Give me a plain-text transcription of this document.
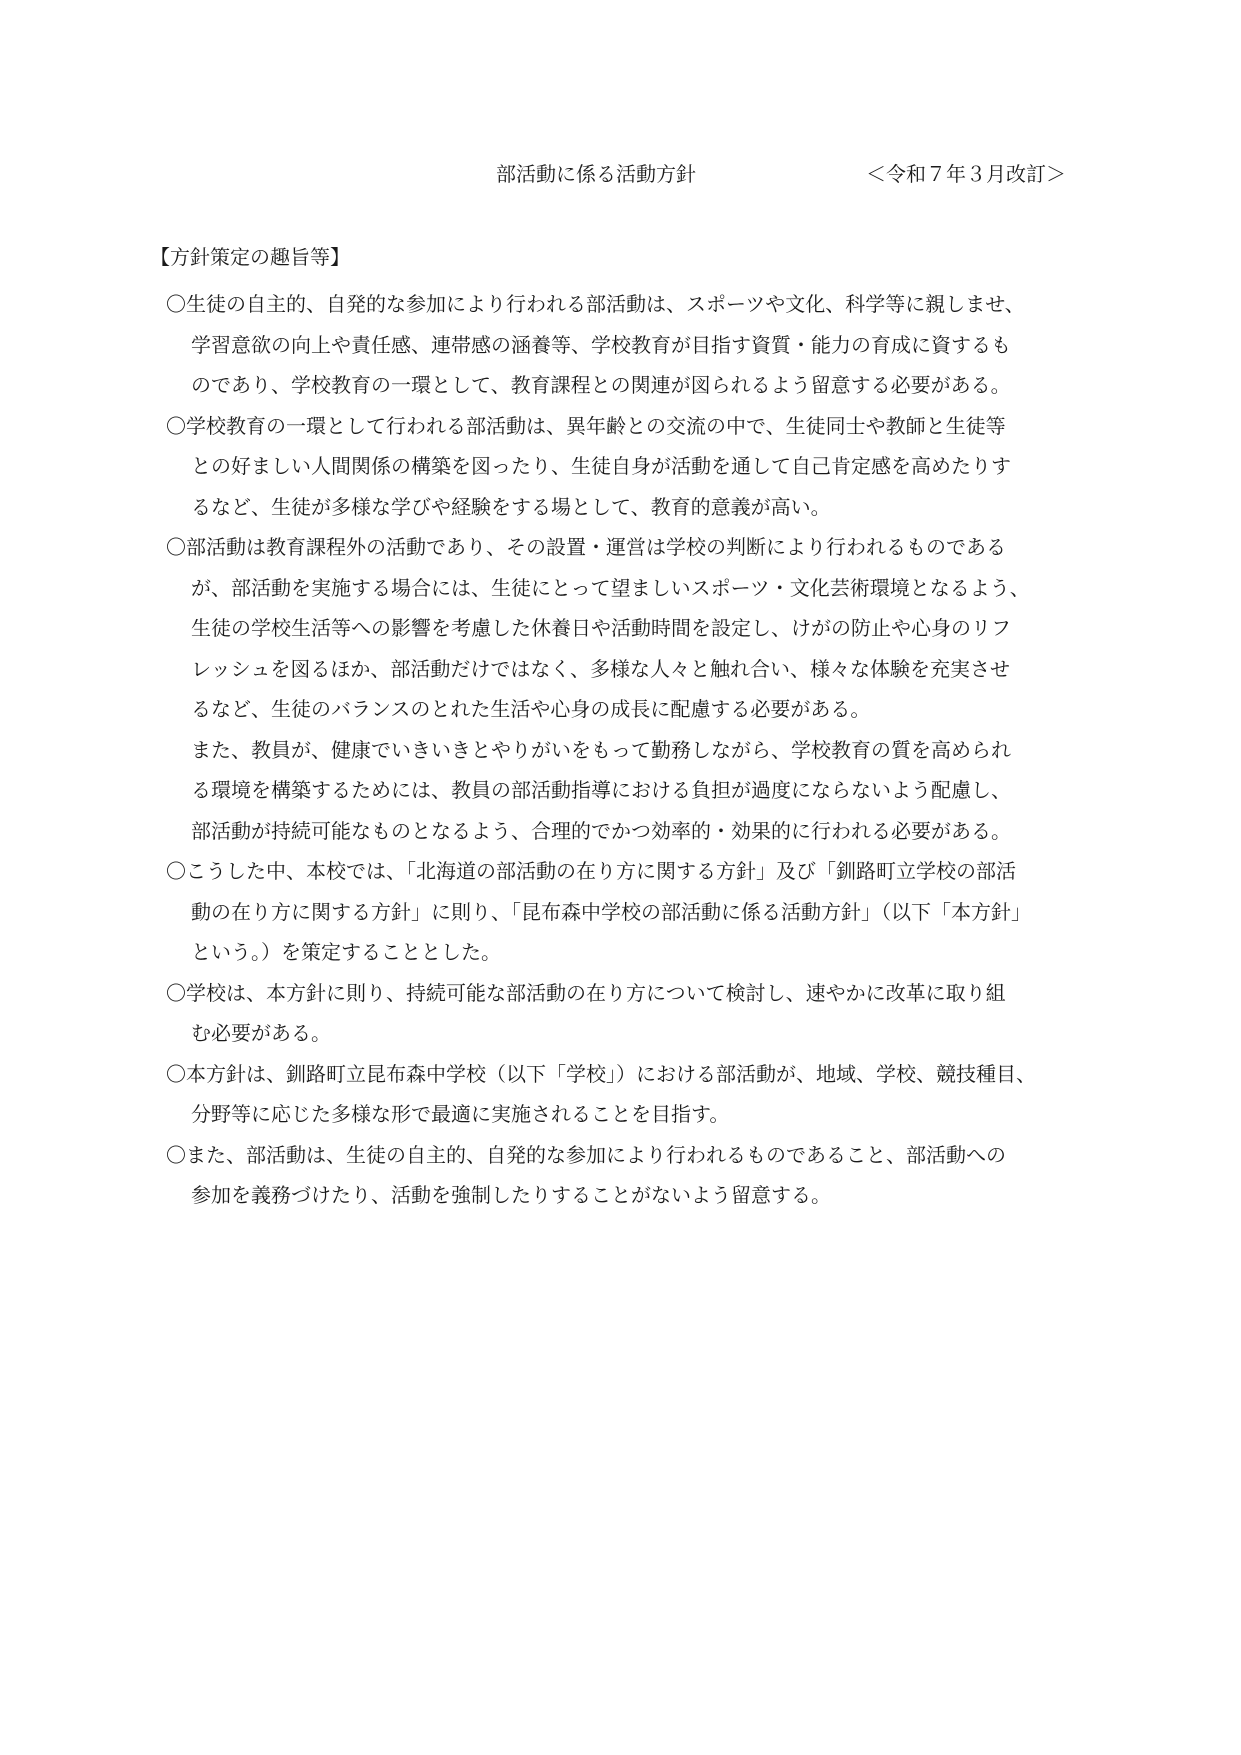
部活動に係る活動方針	＜令和７年３月改訂＞
【方針策定の趣旨等】

〇生徒の自主的、自発的な参加により行われる部活動は、スポーツや文化、科学等に親しませ、
学習意欲の向上や責任感、連帯感の涵養等、学校教育が目指す資質・能力の育成に資するも
のであり、学校教育の一環として、教育課程との関連が図られるよう留意する必要がある。

〇学校教育の一環として行われる部活動は、異年齢との交流の中で、生徒同士や教師と生徒等
との好ましい人間関係の構築を図ったり、生徒自身が活動を通して自己肯定感を高めたりす
るなど、生徒が多様な学びや経験をする場として、教育的意義が高い。

〇部活動は教育課程外の活動であり、その設置・運営は学校の判断により行われるものである
が、部活動を実施する場合には、生徒にとって望ましいスポーツ・文化芸術環境となるよう、
生徒の学校生活等への影響を考慮した休養日や活動時間を設定し、けがの防止や心身のリフ
レッシュを図るほか、部活動だけではなく、多様な人々と触れ合い、様々な体験を充実させ
るなど、生徒のバランスのとれた生活や心身の成長に配慮する必要がある。
また、教員が、健康でいきいきとやりがいをもって勤務しながら、学校教育の質を高められ
る環境を構築するためには、教員の部活動指導における負担が過度にならないよう配慮し、
部活動が持続可能なものとなるよう、合理的でかつ効率的・効果的に行われる必要がある。

〇こうした中、本校では、「北海道の部活動の在り方に関する方針」及び「釧路町立学校の部活
動の在り方に関する方針」に則り、「昆布森中学校の部活動に係る活動方針」（以下「本方針」
という。）を策定することとした。

〇学校は、本方針に則り、持続可能な部活動の在り方について検討し、速やかに改革に取り組
む必要がある。

〇本方針は、釧路町立昆布森中学校（以下「学校」）における部活動が、地域、学校、競技種目、
分野等に応じた多様な形で最適に実施されることを目指す。

〇また、部活動は、生徒の自主的、自発的な参加により行われるものであること、部活動への
参加を義務づけたり、活動を強制したりすることがないよう留意する。
